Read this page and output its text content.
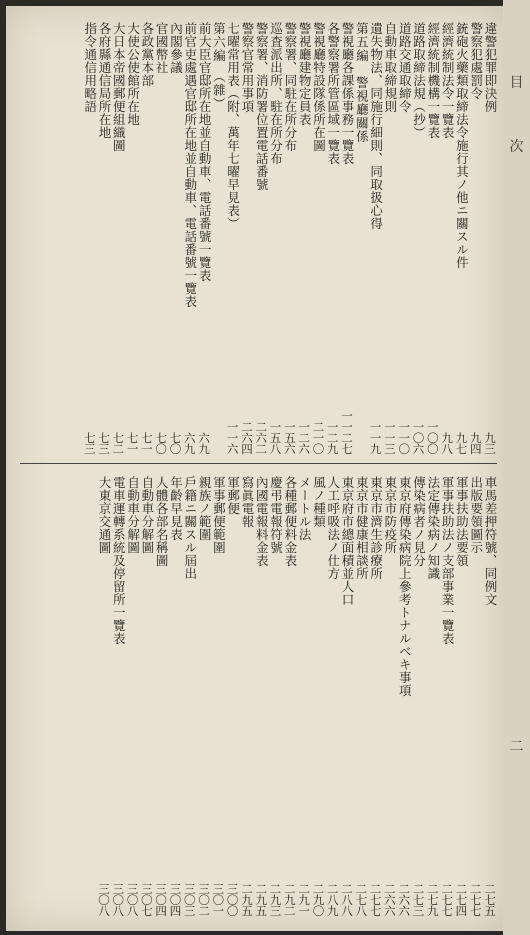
違警犯罪即決例
九三
警察犯處罰令
九四
銃砲火藥類取締法令施行其ノ他ニ關スル件
九七
經濟統制法令一覽表
九八
經濟統制機構一覽表
一〇〇
道路取締法規（抄）
一〇六
道路交通取締令
一一〇
自動車取締規則
一一三
遺失物法、同施行細則、同取扱心得
一一九
第五編　警視廳關係
警視廳各課係事務一覽表
一一二七
各警察署所管區域一覽表
一二九
警視廳特設隊係所在圖
二一〇
警視廳建物定員表
一二六
警察署、同駐在所分布
一五六
巡査派出所、駐在所分布
一五八
警察署、消防署位置電話番號
二六二
警察官常用事項
二六四
七曜常用表（附、萬年七曜早見表）
一一六
第六編　（雜）
前大臣官邸所在地並自動車、電話番號一覽表
六九
前官吏處遇官邸所在地並自動車、電話番號一覽表
六九
內閣參議
七〇
官國幣社
七〇
各政黨本部
七一
大使公使館所在地
七一
大日本帝國郵便組織圖
七二
各府縣通信局所在地
七三
指令通信用略語
七三
車馬差押符號、同例文
二七五
出版要領圖示
二七七
軍事扶助法要領
二七四
軍事扶助法ノ支部事業一覽表
二七七
法定傳染病ノ知識
二七九
傳染病者ノ見分
二七三
東京府傳染病院上參考トナルベキ事項
二六六
東京市防疫所
二六六
東京市濟生診療所
二七七
東京市健康相談所
二七八
東京府市總面積並人口
二八八
人工呼吸法ノ仕方
二八九
風ノ種類
二九〇
メートル法
二九一
各種郵便料金表
二九二
慶弔電報符號
二九三
內國電報料金表
二九五
寫眞電報
二九五
軍郵便
三〇〇
軍事郵便範圍
三〇一
親族ノ範圍
三〇二
戶籍ニ關スル屆出
三〇三
年齡早見表
三〇四
人體各部名稱圖
三〇四
自動車分解圖
三〇七
自動車分解圖
三〇八
電車運轉系統及停留所一覽表
三〇八
大東京交通圖
三〇八
目
次
二
